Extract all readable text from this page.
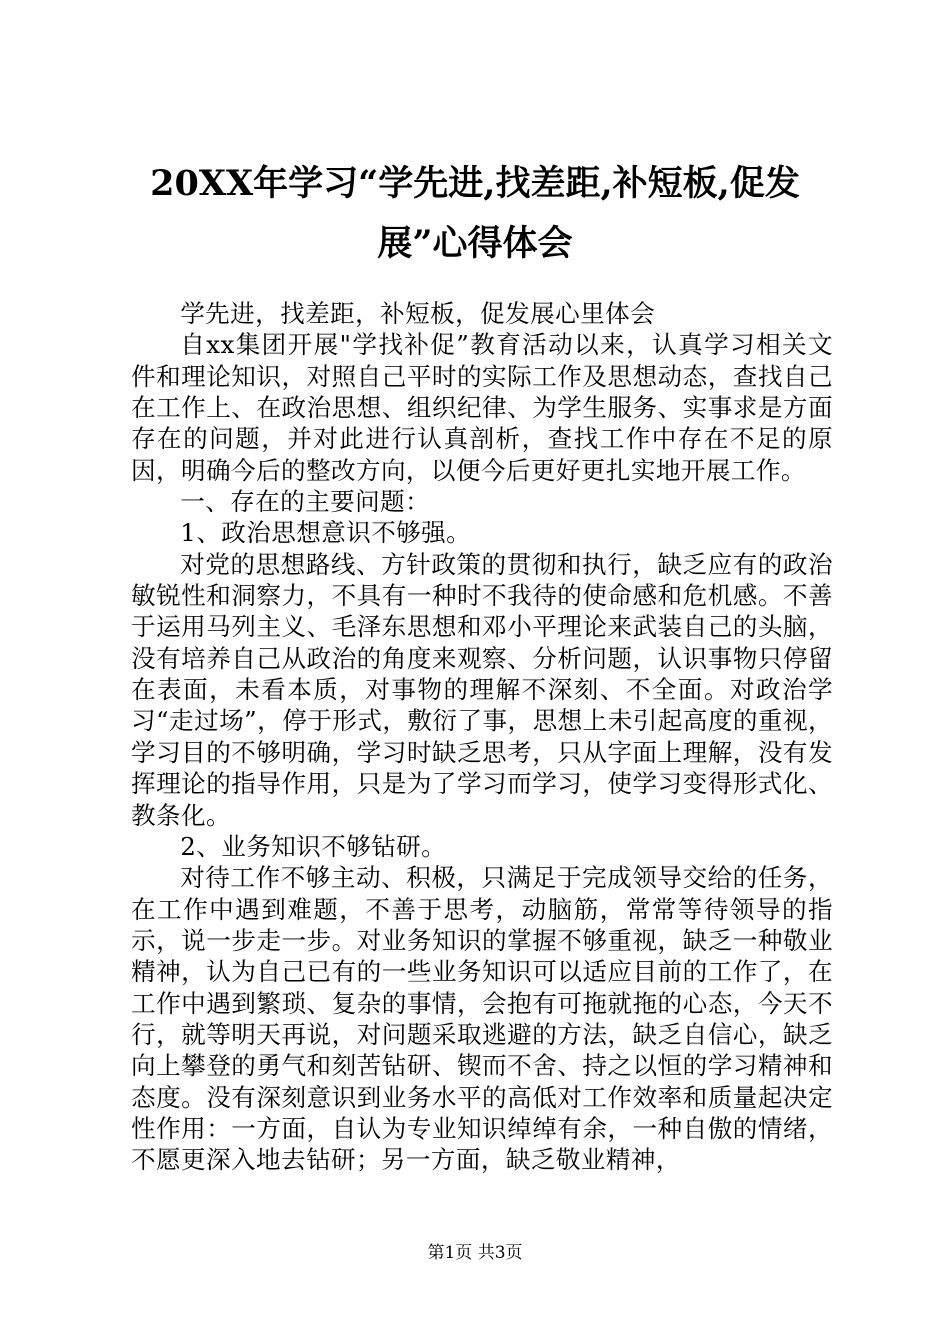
20XX年学习“学先进,找差距,补短板,促发
展”心得体会

学先进，找差距，补短板，促发展心里体会

自xx集团开展"学找补促”教育活动以来，认真学习相关文件和理论知识，对照自己平时的实际工作及思想动态，查找自己在工作上、在政治思想、组织纪律、为学生服务、实事求是方面存在的问题，并对此进行认真剖析，查找工作中存在不足的原因，明确今后的整改方向，以便今后更好更扎实地开展工作。

一、存在的主要问题：

1、政治思想意识不够强。

对党的思想路线、方针政策的贯彻和执行，缺乏应有的政治敏锐性和洞察力，不具有一种时不我待的使命感和危机感。不善于运用马列主义、毛泽东思想和邓小平理论来武装自己的头脑，没有培养自己从政治的角度来观察、分析问题，认识事物只停留在表面，未看本质，对事物的理解不深刻、不全面。对政治学习“走过场”，停于形式，敷衍了事，思想上未引起高度的重视，学习目的不够明确，学习时缺乏思考，只从字面上理解，没有发挥理论的指导作用，只是为了学习而学习，使学习变得形式化、教条化。

2、业务知识不够钻研。

对待工作不够主动、积极，只满足于完成领导交给的任务，在工作中遇到难题，不善于思考，动脑筋，常常等待领导的指示，说一步走一步。对业务知识的掌握不够重视，缺乏一种敬业精神，认为自己已有的一些业务知识可以适应目前的工作了，在工作中遇到繁琐、复杂的事情，会抱有可拖就拖的心态，今天不行，就等明天再说，对问题采取逃避的方法，缺乏自信心，缺乏向上攀登的勇气和刻苦钻研、锲而不舍、持之以恒的学习精神和态度。没有深刻意识到业务水平的高低对工作效率和质量起决定性作用：一方面，自认为专业知识绰绰有余，一种自傲的情绪，不愿更深入地去钻研；另一方面，缺乏敬业精神，

第1页 共3页
